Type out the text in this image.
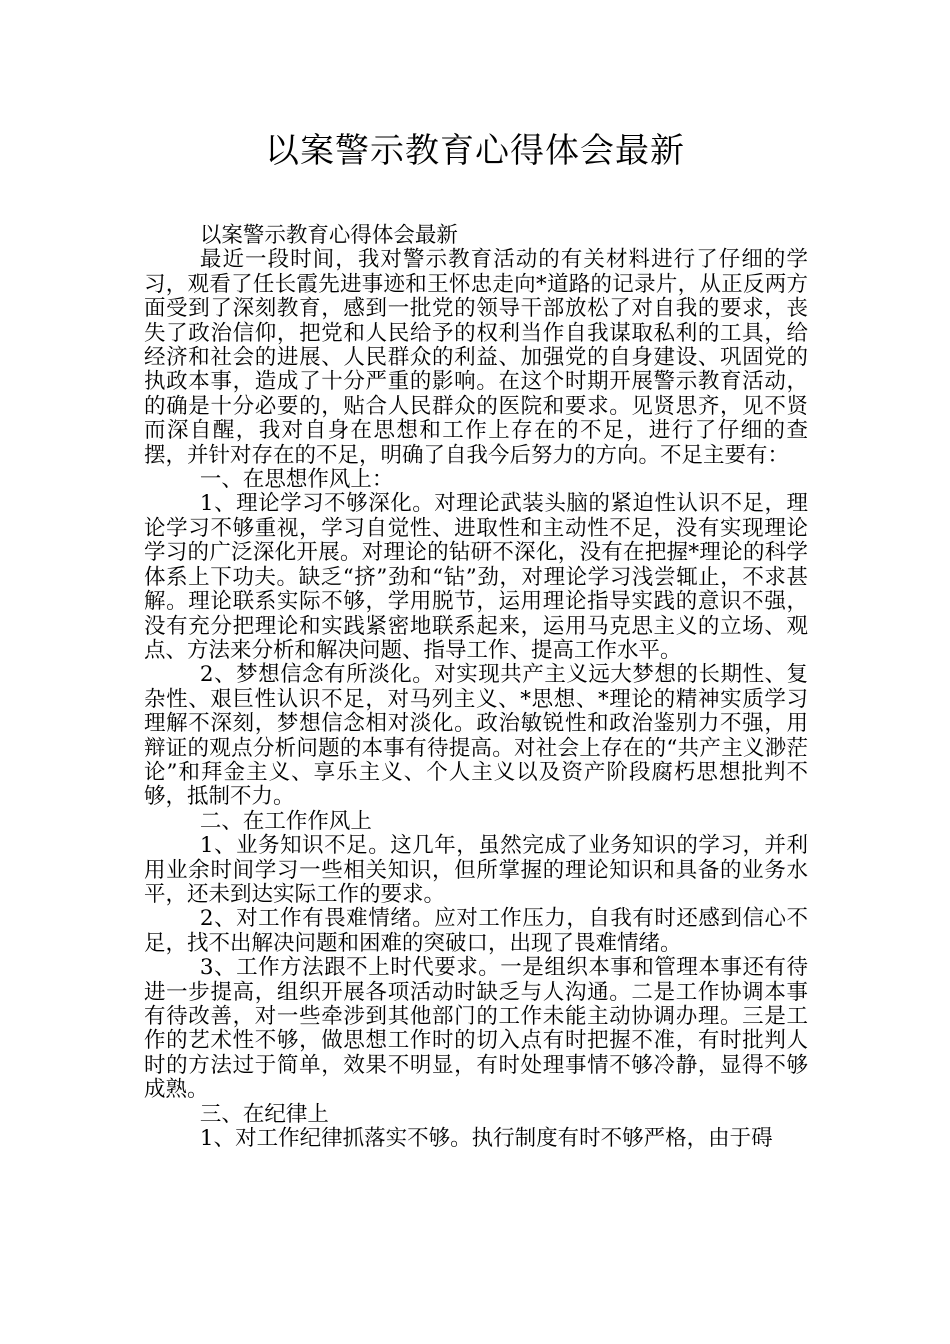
以案警示教育心得体会最新

以案警示教育心得体会最新

最近一段时间，我对警示教育活动的有关材料进行了仔细的学习，观看了任长霞先进事迹和王怀忠走向*道路的记录片，从正反两方面受到了深刻教育，感到一批党的领导干部放松了对自我的要求，丧失了政治信仰，把党和人民给予的权利当作自我谋取私利的工具，给经济和社会的进展、人民群众的利益、加强党的自身建设、巩固党的执政本事，造成了十分严重的影响。在这个时期开展警示教育活动，的确是十分必要的，贴合人民群众的医院和要求。见贤思齐，见不贤而深自醒，我对自身在思想和工作上存在的不足，进行了仔细的查摆，并针对存在的不足，明确了自我今后努力的方向。不足主要有：

一、在思想作风上：

1、理论学习不够深化。对理论武装头脑的紧迫性认识不足，理论学习不够重视，学习自觉性、进取性和主动性不足，没有实现理论学习的广泛深化开展。对理论的钻研不深化，没有在把握*理论的科学体系上下功夫。缺乏“挤”劲和“钻”劲，对理论学习浅尝辄止，不求甚解。理论联系实际不够，学用脱节，运用理论指导实践的意识不强，没有充分把理论和实践紧密地联系起来，运用马克思主义的立场、观点、方法来分析和解决问题、指导工作、提高工作水平。

2、梦想信念有所淡化。对实现共产主义远大梦想的长期性、复杂性、艰巨性认识不足，对马列主义、*思想、*理论的精神实质学习理解不深刻，梦想信念相对淡化。政治敏锐性和政治鉴别力不强，用辩证的观点分析问题的本事有待提高。对社会上存在的“共产主义渺茫论”和拜金主义、享乐主义、个人主义以及资产阶段腐朽思想批判不够，抵制不力。

二、在工作作风上

1、业务知识不足。这几年，虽然完成了业务知识的学习，并利用业余时间学习一些相关知识，但所掌握的理论知识和具备的业务水平，还未到达实际工作的要求。

2、对工作有畏难情绪。应对工作压力，自我有时还感到信心不足，找不出解决问题和困难的突破口，出现了畏难情绪。

3、工作方法跟不上时代要求。一是组织本事和管理本事还有待进一步提高，组织开展各项活动时缺乏与人沟通。二是工作协调本事有待改善，对一些牵涉到其他部门的工作未能主动协调办理。三是工作的艺术性不够，做思想工作时的切入点有时把握不准，有时批判人时的方法过于简单，效果不明显，有时处理事情不够冷静，显得不够成熟。

三、在纪律上

1、对工作纪律抓落实不够。执行制度有时不够严格，由于碍
